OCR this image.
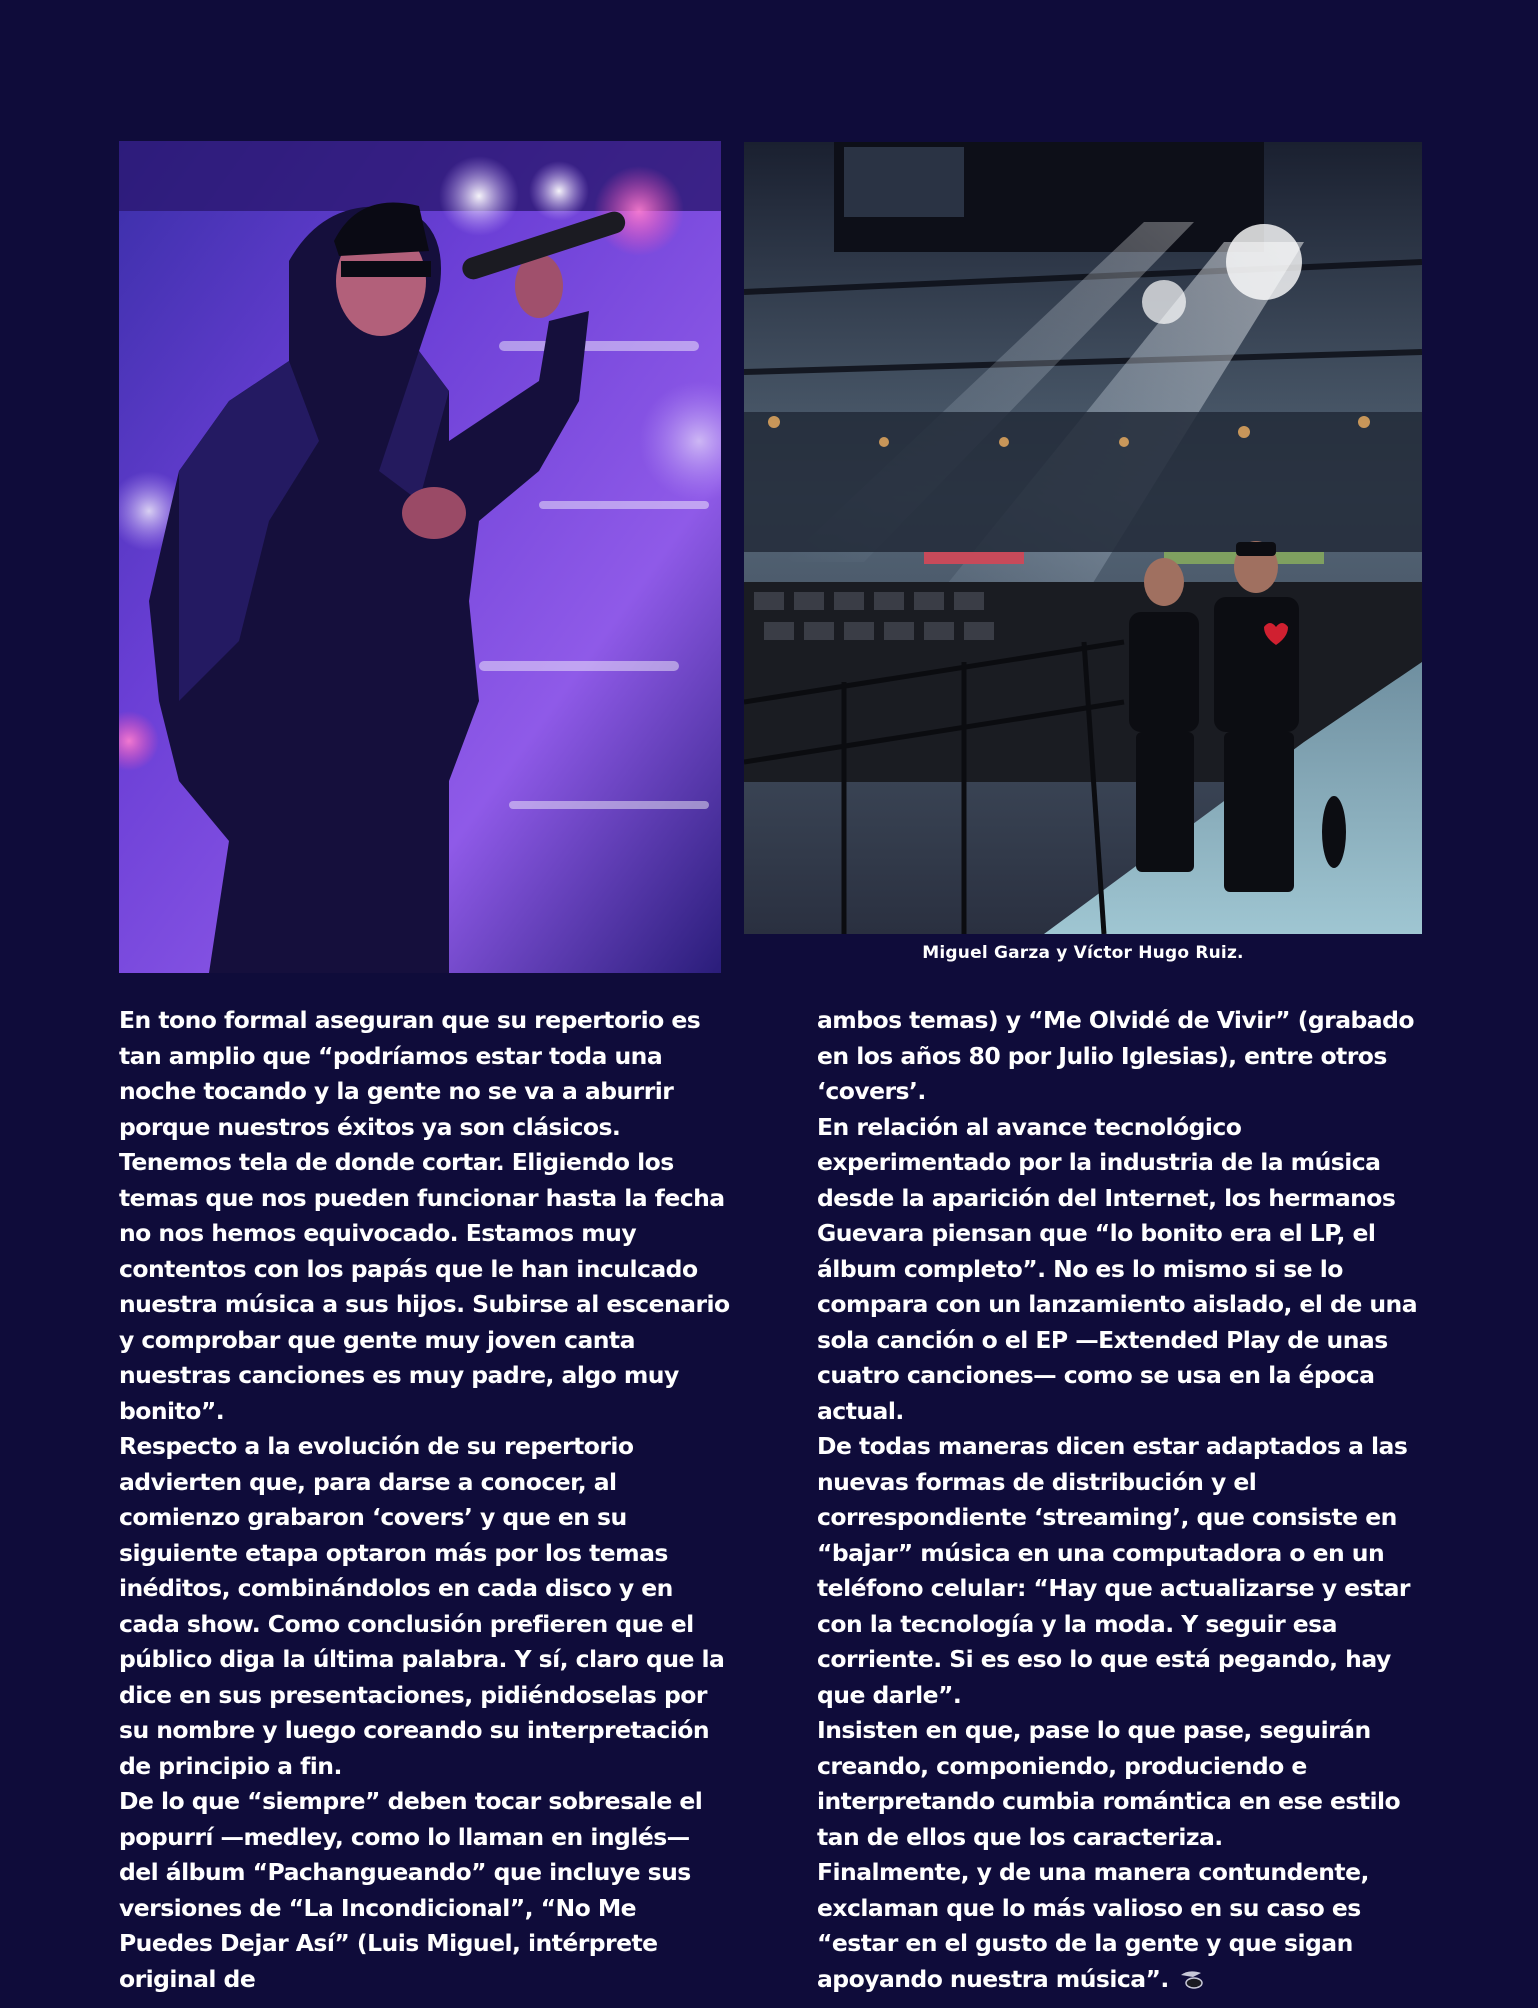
Miguel Garza y Víctor Hugo Ruiz.

En tono formal aseguran que su repertorio es tan amplio que “podríamos estar toda una noche tocando y la gente no se va a aburrir porque nuestros éxitos ya son clásicos. Tenemos tela de donde cortar. Eligiendo los temas que nos pueden funcionar hasta la fecha no nos hemos equivocado. Estamos muy contentos con los papás que le han inculcado nuestra música a sus hijos. Subirse al escenario y comprobar que gente muy joven canta nuestras canciones es muy padre, algo muy bonito”.

Respecto a la evolución de su repertorio advierten que, para darse a conocer, al comienzo grabaron ‘covers’ y que en su siguiente etapa optaron más por los temas inéditos, combinándolos en cada disco y en cada show. Como conclusión prefieren que el público diga la última palabra. Y sí, claro que la dice en sus presentaciones, pidiéndoselas por su nombre y luego coreando su interpretación de principio a fin.

De lo que “siempre” deben tocar sobresale el popurrí —medley, como lo llaman en inglés— del álbum “Pachangueando” que incluye sus versiones de “La Incondicional”, “No Me Puedes Dejar Así” (Luis Miguel, intérprete original de

ambos temas) y “Me Olvidé de Vivir” (grabado en los años 80 por Julio Iglesias), entre otros ‘covers’.

En relación al avance tecnológico experimentado por la industria de la música desde la aparición del Internet, los hermanos Guevara piensan que “lo bonito era el LP, el álbum completo”. No es lo mismo si se lo compara con un lanzamiento aislado, el de una sola canción o el EP —Extended Play de unas cuatro canciones— como se usa en la época actual.

De todas maneras dicen estar adaptados a las nuevas formas de distribución y el correspondiente ‘streaming’, que consiste en “bajar” música en una computadora o en un teléfono celular: “Hay que actualizarse y estar con la tecnología y la moda. Y seguir esa corriente. Si es eso lo que está pegando, hay que darle”.

Insisten en que, pase lo que pase, seguirán creando, componiendo, produciendo e interpretando cumbia romántica en ese estilo tan de ellos que los caracteriza.

Finalmente, y de una manera contundente, exclaman que lo más valioso en su caso es “estar en el gusto de la gente y que sigan apoyando nuestra música”.
